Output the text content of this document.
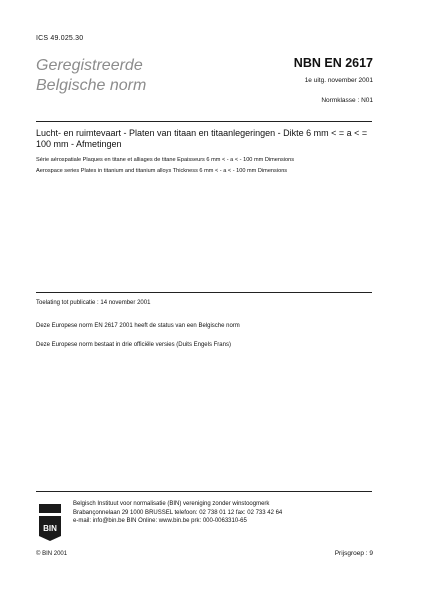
ICS 49.025.30
Geregistreerde
Belgische norm
NBN EN 2617
1e uitg. november 2001
Normklasse : N01
Lucht- en ruimtevaart - Platen van titaan en titaanlegeringen - Dikte 6 mm < = a < = 100 mm - Afmetingen
Série aérospatiale Plaques en titane et alliages de titane Epaisseurs 6 mm < - a < - 100 mm Dimensions
Aerospace series Plates in titanium and titanium alloys Thickness 6 mm < - a < - 100 mm Dimensions
Toelating tot publicatie : 14 november 2001
Deze Europese norm EN 2617 2001 heeft de status van een Belgische norm
Deze Europese norm bestaat in drie officiële versies (Duits Engels Frans)
BIN
Belgisch Instituut voor normalisatie (BIN) vereniging zonder winstoogmerk
Brabançonnelaan 29 1000 BRUSSEL telefoon: 02 738 01 12 fax: 02 733 42 64
e-mail: info@bin.be BIN Online: www.bin.be prk: 000-0063310-65
© BIN 2001	Prijsgroep : 9
